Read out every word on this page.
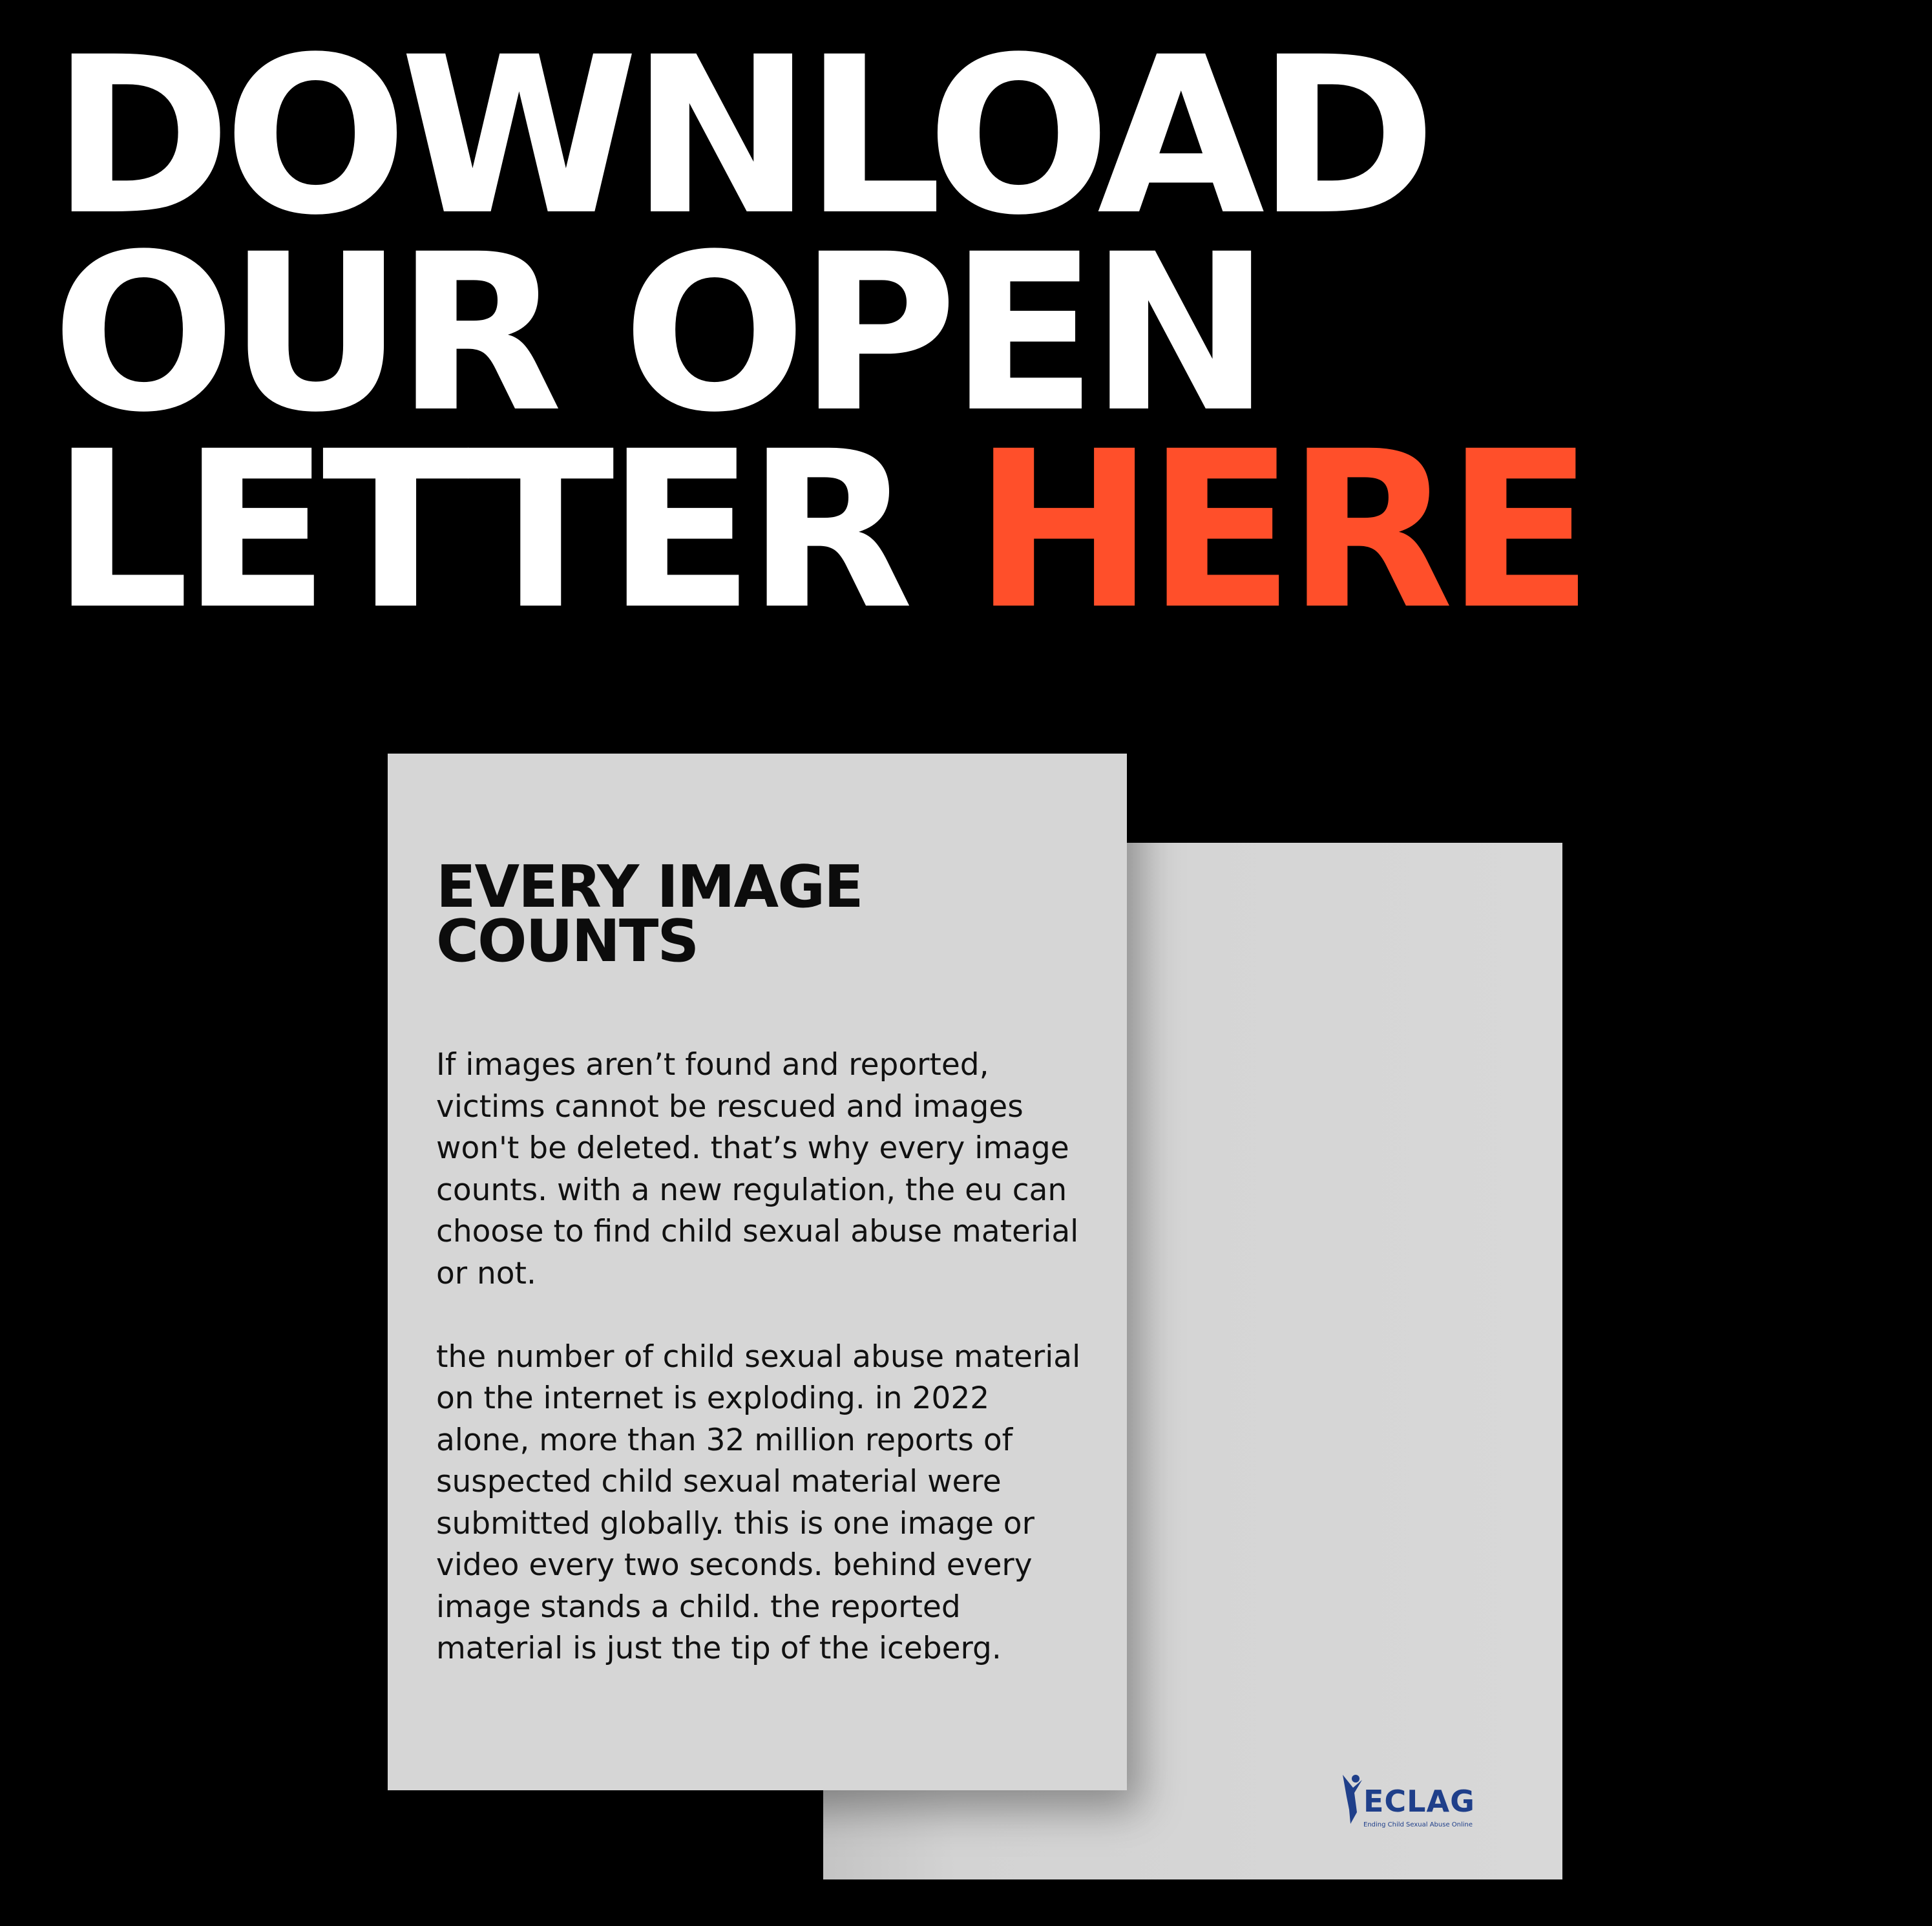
DOWNLOAD
OUR OPEN
LETTER HERE

ECLAG
Ending Child Sexual Abuse Online
EVERY IMAGE
COUNTS

If images aren’t found and reported, victims cannot be rescued and images won't be deleted. that’s why every image counts. with a new regulation, the eu can choose to find child sexual abuse material or not.

the number of child sexual abuse material on the internet is exploding. in 2022 alone, more than 32 million reports of suspected child sexual material were submitted globally. this is one image or video every two seconds. behind every image stands a child. the reported material is just the tip of the iceberg.
